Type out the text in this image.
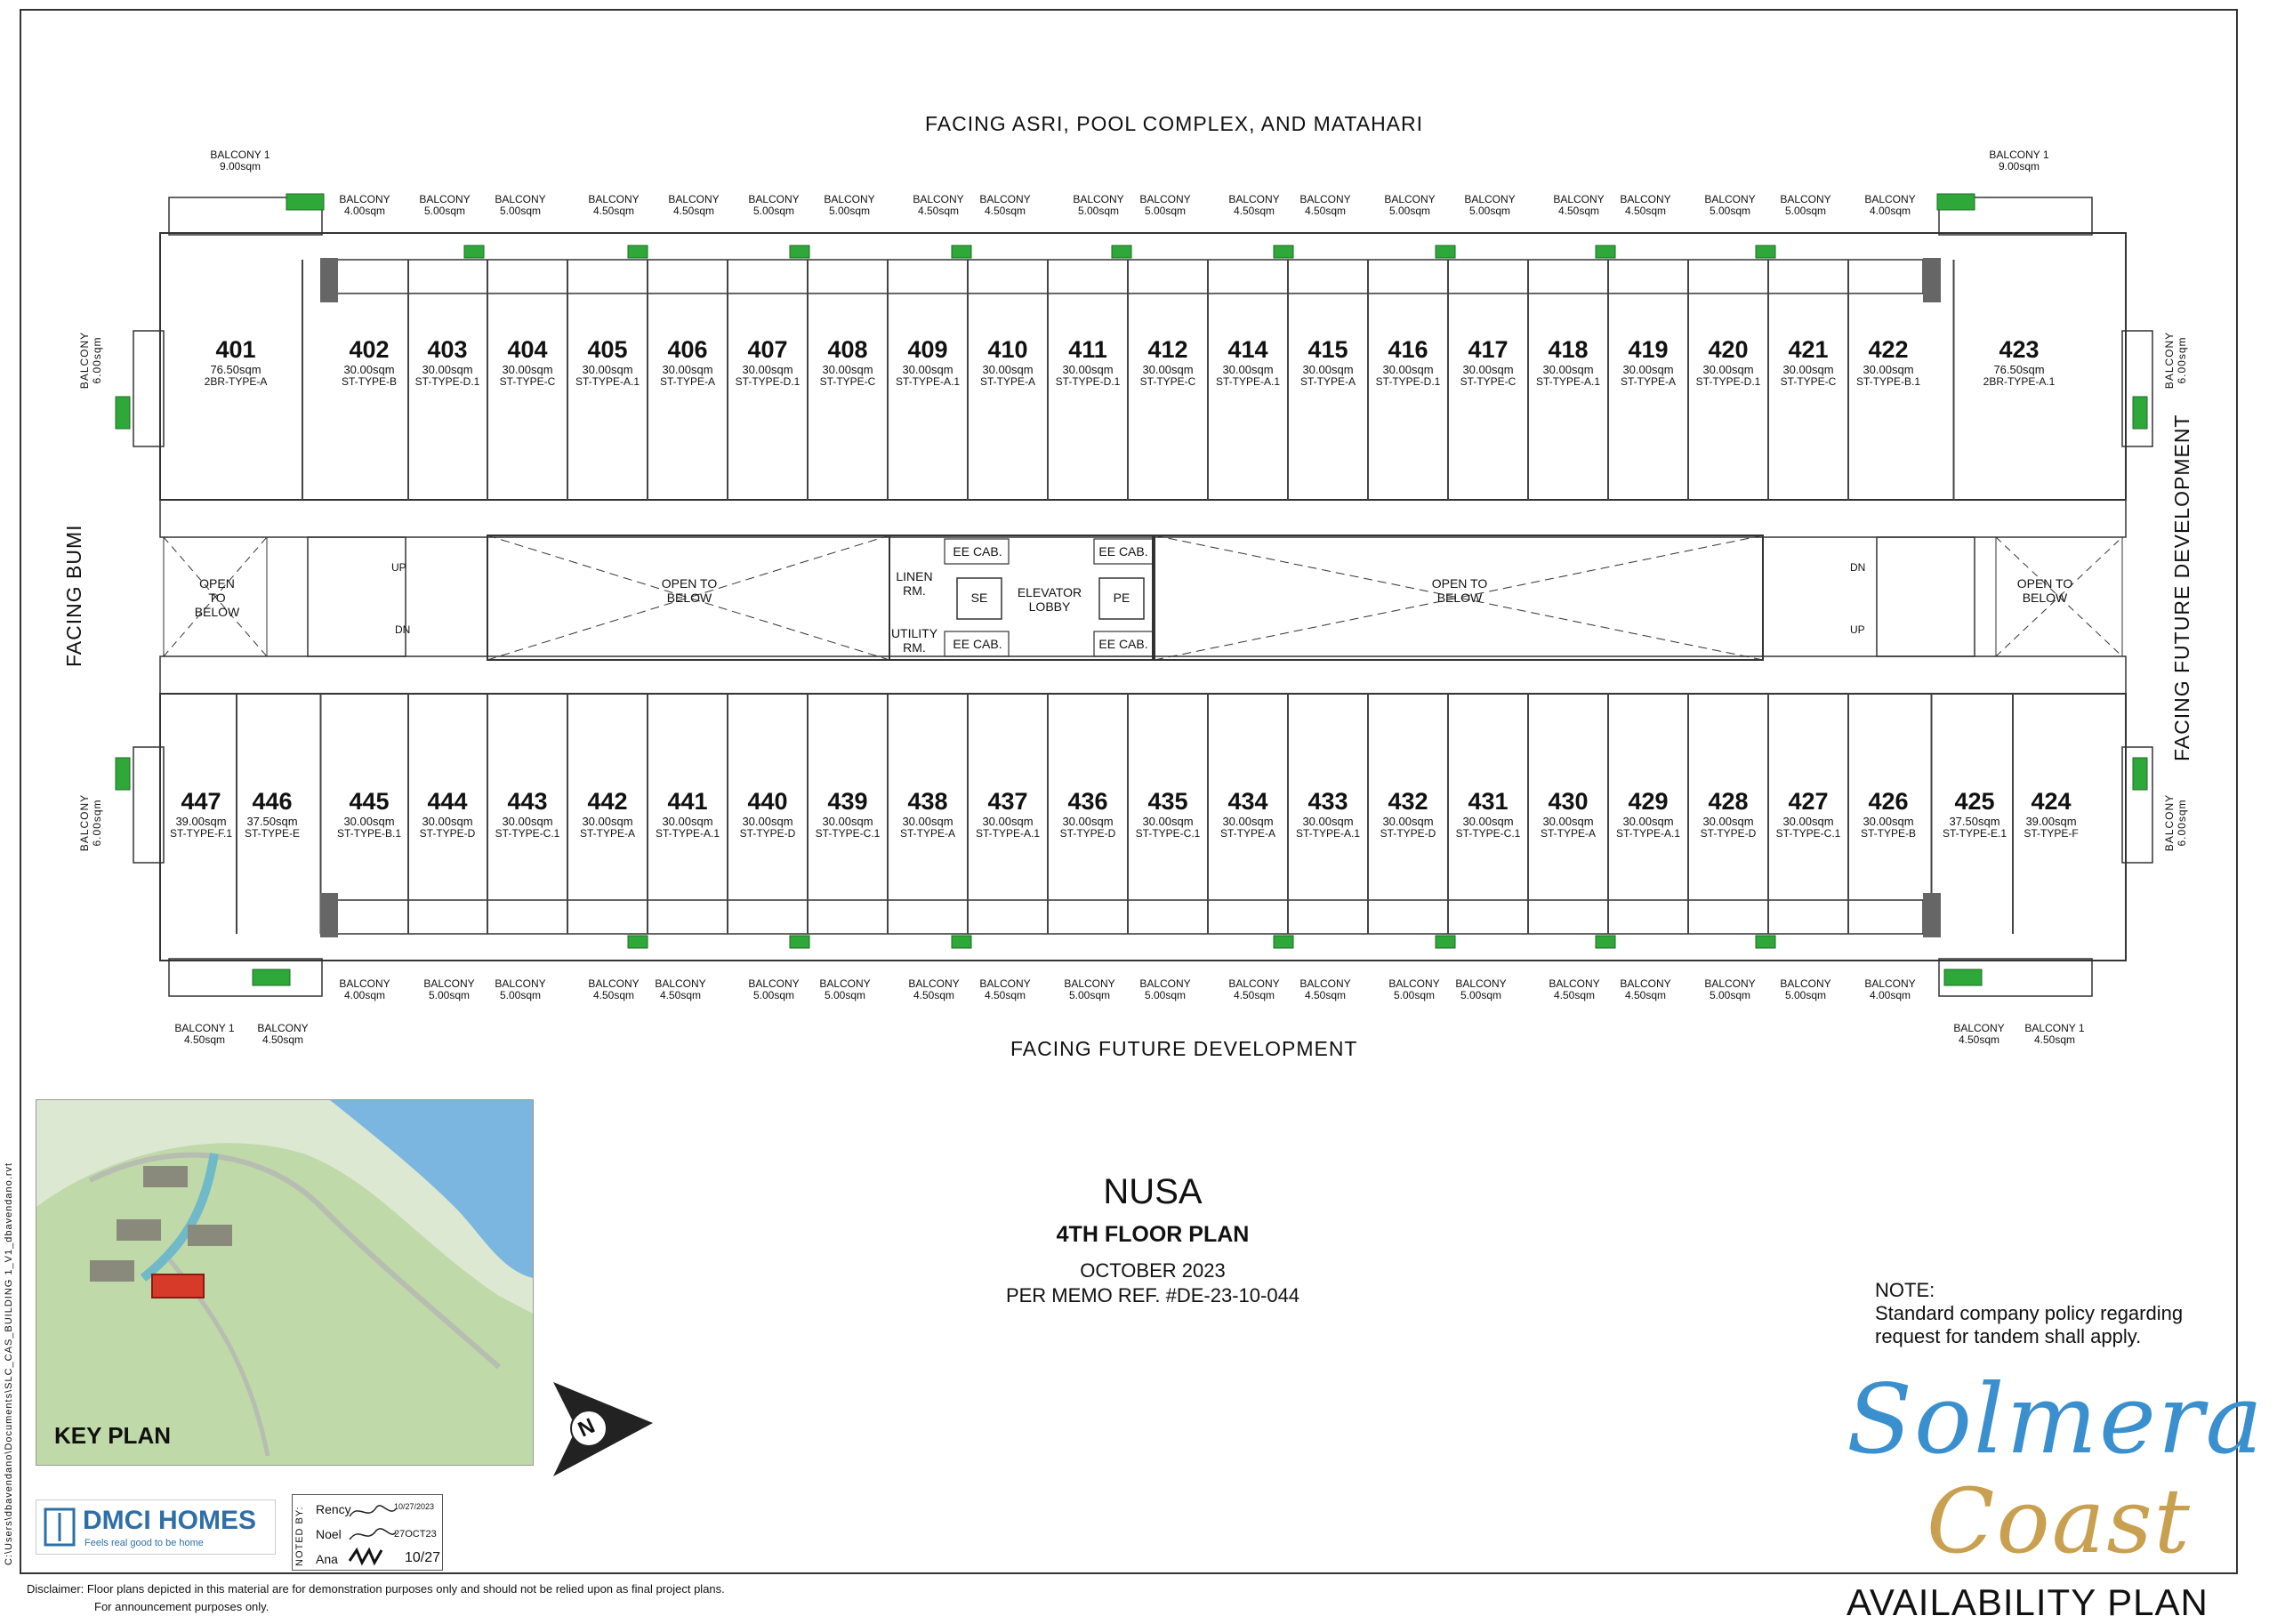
FACING ASRI, POOL COMPLEX, AND MATAHARI
FACING FUTURE DEVELOPMENT
FACING BUMI	FACING FUTURE DEVELOPMENT
401
76.50sqm
2BR-TYPE-A
402
30.00sqm
ST-TYPE-B
403
30.00sqm
ST-TYPE-D.1
404
30.00sqm
ST-TYPE-C
405
30.00sqm
ST-TYPE-A.1
406
30.00sqm
ST-TYPE-A
407
30.00sqm
ST-TYPE-D.1
408
30.00sqm
ST-TYPE-C
409
30.00sqm
ST-TYPE-A.1
410
30.00sqm
ST-TYPE-A
411
30.00sqm
ST-TYPE-D.1
412
30.00sqm
ST-TYPE-C
414
30.00sqm
ST-TYPE-A.1
415
30.00sqm
ST-TYPE-A
416
30.00sqm
ST-TYPE-D.1
417
30.00sqm
ST-TYPE-C
418
30.00sqm
ST-TYPE-A.1
419
30.00sqm
ST-TYPE-A
420
30.00sqm
ST-TYPE-D.1
421
30.00sqm
ST-TYPE-C
422
30.00sqm
ST-TYPE-B.1
423
76.50sqm
2BR-TYPE-A.1
447
39.00sqm
ST-TYPE-F.1
446
37.50sqm
ST-TYPE-E
445
30.00sqm
ST-TYPE-B.1
444
30.00sqm
ST-TYPE-D
443
30.00sqm
ST-TYPE-C.1
442
30.00sqm
ST-TYPE-A
441
30.00sqm
ST-TYPE-A.1
440
30.00sqm
ST-TYPE-D
439
30.00sqm
ST-TYPE-C.1
438
30.00sqm
ST-TYPE-A
437
30.00sqm
ST-TYPE-A.1
436
30.00sqm
ST-TYPE-D
435
30.00sqm
ST-TYPE-C.1
434
30.00sqm
ST-TYPE-A
433
30.00sqm
ST-TYPE-A.1
432
30.00sqm
ST-TYPE-D
431
30.00sqm
ST-TYPE-C.1
430
30.00sqm
ST-TYPE-A
429
30.00sqm
ST-TYPE-A.1
428
30.00sqm
ST-TYPE-D
427
30.00sqm
ST-TYPE-C.1
426
30.00sqm
ST-TYPE-B
425
37.50sqm
ST-TYPE-E.1
424
39.00sqm
ST-TYPE-F
BALCONY 1
9.00sqm
BALCONY
4.00sqm
BALCONY
5.00sqm
BALCONY
5.00sqm
BALCONY
4.50sqm
BALCONY
4.50sqm
BALCONY
5.00sqm
BALCONY
5.00sqm
BALCONY
4.50sqm
BALCONY
4.50sqm
BALCONY
5.00sqm
BALCONY
5.00sqm
BALCONY
4.50sqm
BALCONY
4.50sqm
BALCONY
5.00sqm
BALCONY
5.00sqm
BALCONY
4.50sqm
BALCONY
4.50sqm
BALCONY
5.00sqm
BALCONY
5.00sqm
BALCONY
4.00sqm
BALCONY 1
9.00sqm
BALCONY 1
4.50sqm
BALCONY
4.50sqm
BALCONY
4.00sqm
BALCONY
5.00sqm
BALCONY
5.00sqm
BALCONY
4.50sqm
BALCONY
4.50sqm
BALCONY
5.00sqm
BALCONY
5.00sqm
BALCONY
4.50sqm
BALCONY
4.50sqm
BALCONY
5.00sqm
BALCONY
5.00sqm
BALCONY
4.50sqm
BALCONY
4.50sqm
BALCONY
5.00sqm
BALCONY
5.00sqm
BALCONY
4.50sqm
BALCONY
4.50sqm
BALCONY
5.00sqm
BALCONY
5.00sqm
BALCONY
4.00sqm
BALCONY
4.50sqm
BALCONY 1
4.50sqm
BALCONY 6.00sqm	BALCONY 6.00sqm
BALCONY 6.00sqm	BALCONY 6.00sqm
OPEN TO BELOW
OPEN TO BELOW
OPEN TO BELOW
OPEN TO BELOW
LINEN RM.
UTILITY RM.
EE CAB.
EE CAB.
EE CAB.
EE CAB.
SE	PE
ELEVATOR LOBBY
UP
DN
DN
UP
KEY PLAN	N
NUSA
4TH FLOOR PLAN
OCTOBER 2023
PER MEMO REF. #DE-23-10-044	NOTE:
Standard company policy regarding request for tandem shall apply.
Solmera
Coast
AVAILABILITY PLAN
DMCI HOMES
Feels real good to be home	NOTED BY: Rency
Noel
Ana
10/27/2023
27OCT23
10/27
C:\Users\dbavendano\Documents\SLC_CAS_BUILDING 1_V1_dbavendano.rvt
Disclaimer: Floor plans depicted in this material are for demonstration purposes only and should not be relied upon as final project plans.
For announcement purposes only.
